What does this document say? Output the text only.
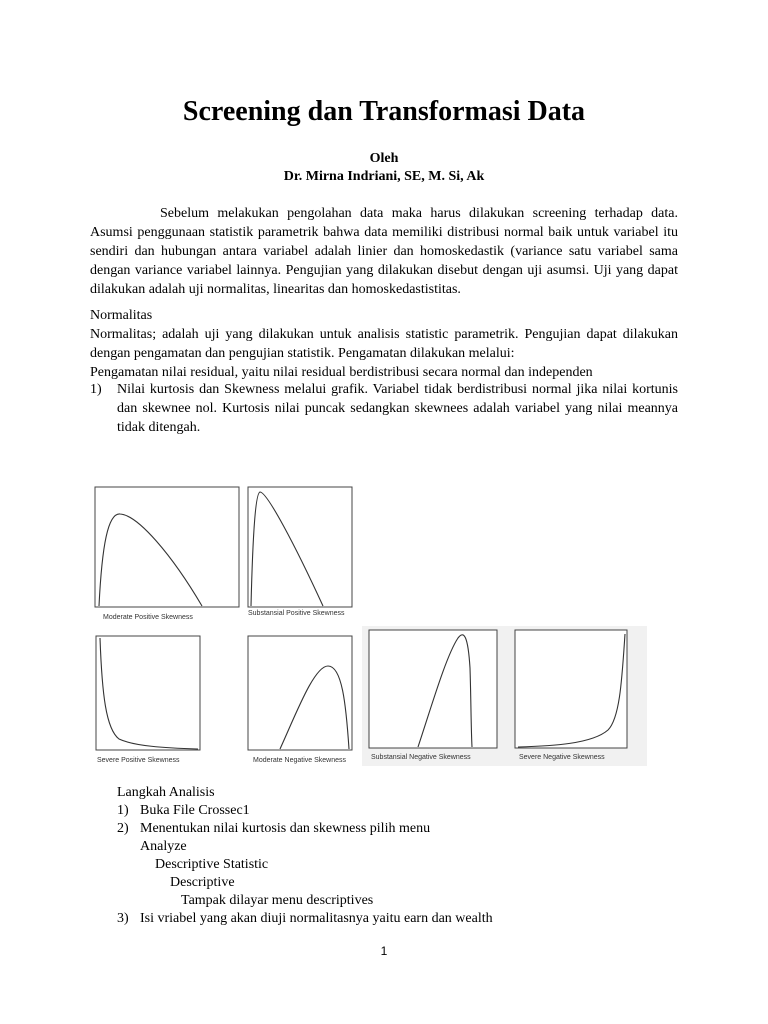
Screening dan Transformasi Data
Oleh
Dr. Mirna Indriani, SE, M. Si, Ak
Sebelum melakukan pengolahan data maka harus dilakukan screening terhadap data. Asumsi penggunaan statistik parametrik bahwa data memiliki distribusi normal baik untuk variabel itu sendiri dan hubungan antara variabel adalah linier dan homoskedastik (variance satu variabel sama dengan variance variabel lainnya. Pengujian yang dilakukan disebut dengan uji asumsi. Uji yang dapat dilakukan adalah uji normalitas, linearitas dan homoskedastistitas.
Normalitas
Normalitas; adalah uji yang dilakukan untuk analisis statistic parametrik. Pengujian dapat dilakukan dengan pengamatan dan pengujian statistik. Pengamatan dilakukan melalui:
Pengamatan nilai residual, yaitu nilai residual berdistribusi secara normal dan independen
1) Nilai kurtosis dan Skewness melalui grafik. Variabel tidak berdistribusi normal jika nilai kortunis dan skewnee nol. Kurtosis nilai puncak sedangkan skewnees adalah variabel yang nilai meannya tidak ditengah.
Moderate Positive Skewness
Substansial Positive Skewness
Severe Positive Skewness	Moderate Negative Skewness	Substansial Negative Skewness	Severe Negative Skewness
Langkah Analisis
1) Buka File Crossec1
2) Menentukan nilai kurtosis dan skewness pilih menu
Analyze
Descriptive Statistic
Descriptive
Tampak dilayar menu descriptives
3) Isi vriabel yang akan diuji normalitasnya yaitu earn dan wealth
1
